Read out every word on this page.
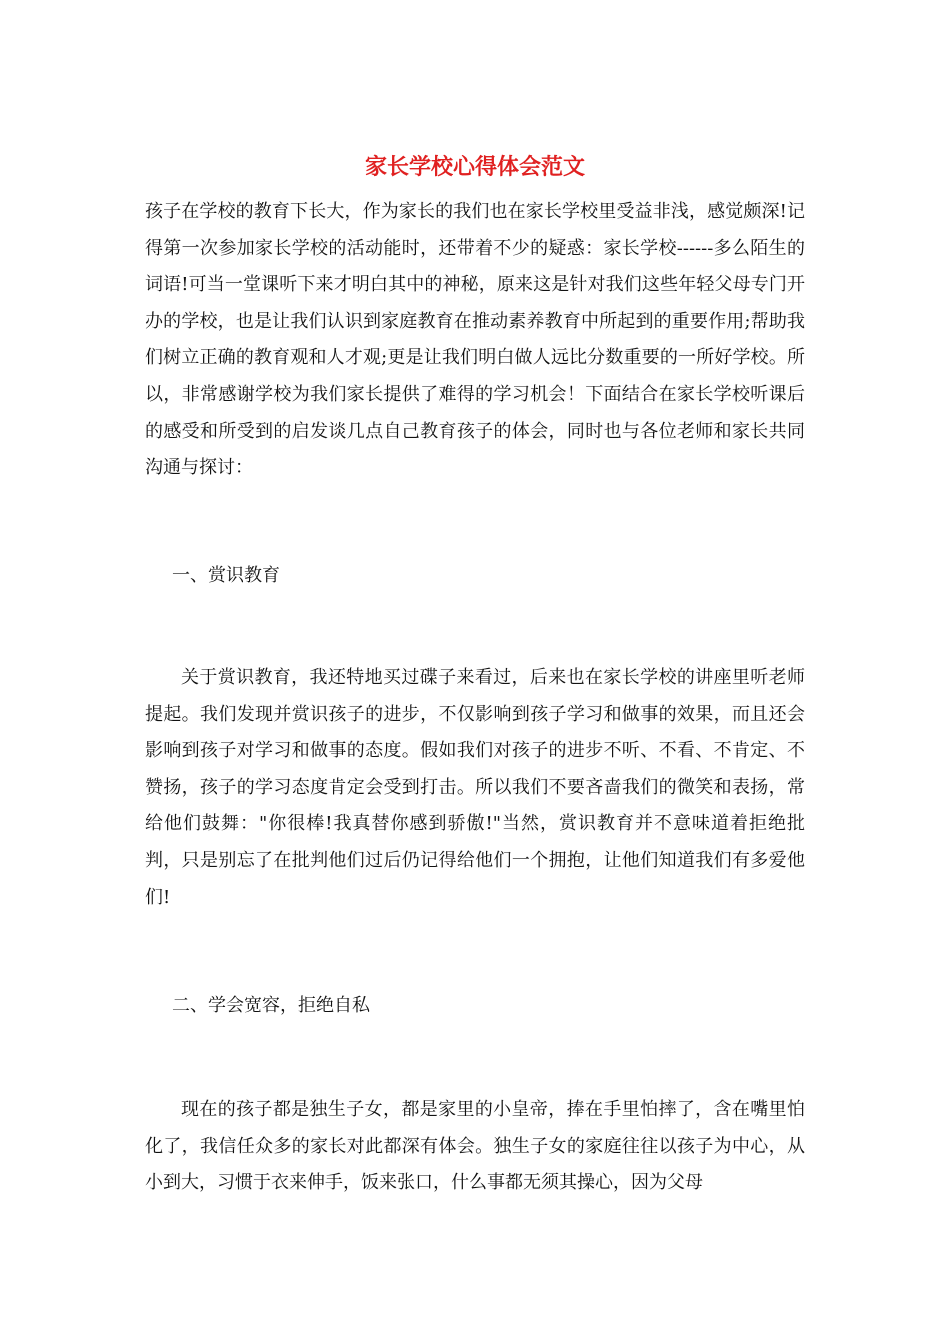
家长学校心得体会范文
孩子在学校的教育下长大，作为家长的我们也在家长学校里受益非浅，感觉颇深!记得第一次参加家长学校的活动能时，还带着不少的疑惑：家长学校------多么陌生的词语!可当一堂课听下来才明白其中的神秘，原来这是针对我们这些年轻父母专门开办的学校，也是让我们认识到家庭教育在推动素养教育中所起到的重要作用;帮助我们树立正确的教育观和人才观;更是让我们明白做人远比分数重要的一所好学校。所以，非常感谢学校为我们家长提供了难得的学习机会！下面结合在家长学校听课后的感受和所受到的启发谈几点自己教育孩子的体会，同时也与各位老师和家长共同沟通与探讨：
一、赏识教育
关于赏识教育，我还特地买过碟子来看过，后来也在家长学校的讲座里听老师提起。我们发现并赏识孩子的进步，不仅影响到孩子学习和做事的效果，而且还会影响到孩子对学习和做事的态度。假如我们对孩子的进步不听、不看、不肯定、不赞扬，孩子的学习态度肯定会受到打击。所以我们不要吝啬我们的微笑和表扬，常给他们鼓舞："你很棒!我真替你感到骄傲!"当然，赏识教育并不意味道着拒绝批判，只是别忘了在批判他们过后仍记得给他们一个拥抱，让他们知道我们有多爱他们!
二、学会宽容，拒绝自私
现在的孩子都是独生子女，都是家里的小皇帝，捧在手里怕摔了，含在嘴里怕化了，我信任众多的家长对此都深有体会。独生子女的家庭往往以孩子为中心，从小到大，习惯于衣来伸手，饭来张口，什么事都无须其操心，因为父母
